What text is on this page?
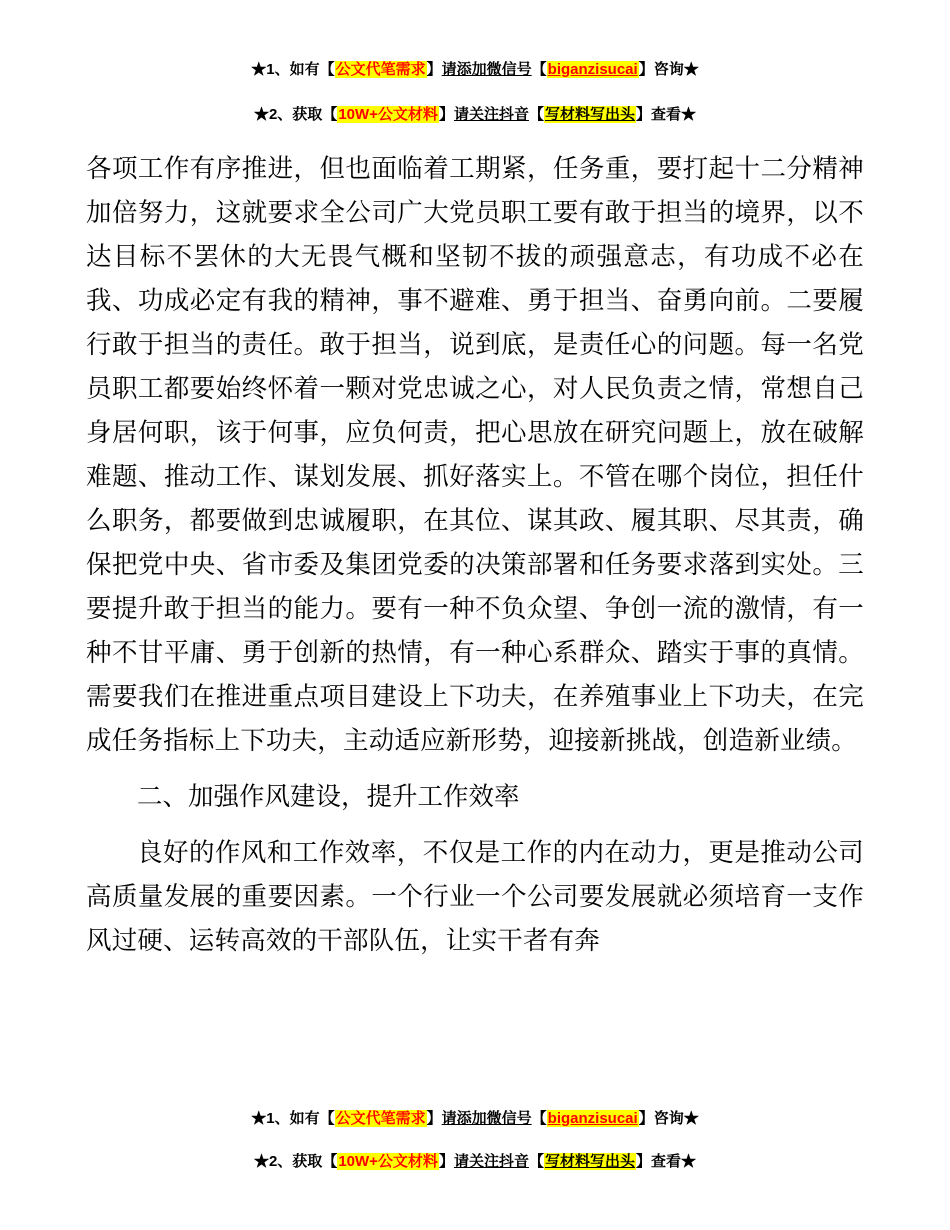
★1、如有【公文代笔需求】请添加微信号【biganzisucai】咨询★
★2、获取【10W+公文材料】请关注抖音【写材料写出头】查看★

各项工作有序推进，但也面临着工期紧，任务重，要打起十二分精神加倍努力，这就要求全公司广大党员职工要有敢于担当的境界，以不达目标不罢休的大无畏气概和坚韧不拔的顽强意志，有功成不必在我、功成必定有我的精神，事不避难、勇于担当、奋勇向前。二要履行敢于担当的责任。敢于担当，说到底，是责任心的问题。每一名党员职工都要始终怀着一颗对党忠诚之心，对人民负责之情，常想自己身居何职，该于何事，应负何责，把心思放在研究问题上，放在破解难题、推动工作、谋划发展、抓好落实上。不管在哪个岗位，担任什么职务，都要做到忠诚履职，在其位、谋其政、履其职、尽其责，确保把党中央、省市委及集团党委的决策部署和任务要求落到实处。三要提升敢于担当的能力。要有一种不负众望、争创一流的激情，有一种不甘平庸、勇于创新的热情，有一种心系群众、踏实于事的真情。需要我们在推进重点项目建设上下功夫，在养殖事业上下功夫，在完成任务指标上下功夫，主动适应新形势，迎接新挑战，创造新业绩。

二、加强作风建设，提升工作效率

良好的作风和工作效率，不仅是工作的内在动力，更是推动公司高质量发展的重要因素。一个行业一个公司要发展就必须培育一支作风过硬、运转高效的干部队伍，让实干者有奔

★1、如有【公文代笔需求】请添加微信号【biganzisucai】咨询★
★2、获取【10W+公文材料】请关注抖音【写材料写出头】查看★
